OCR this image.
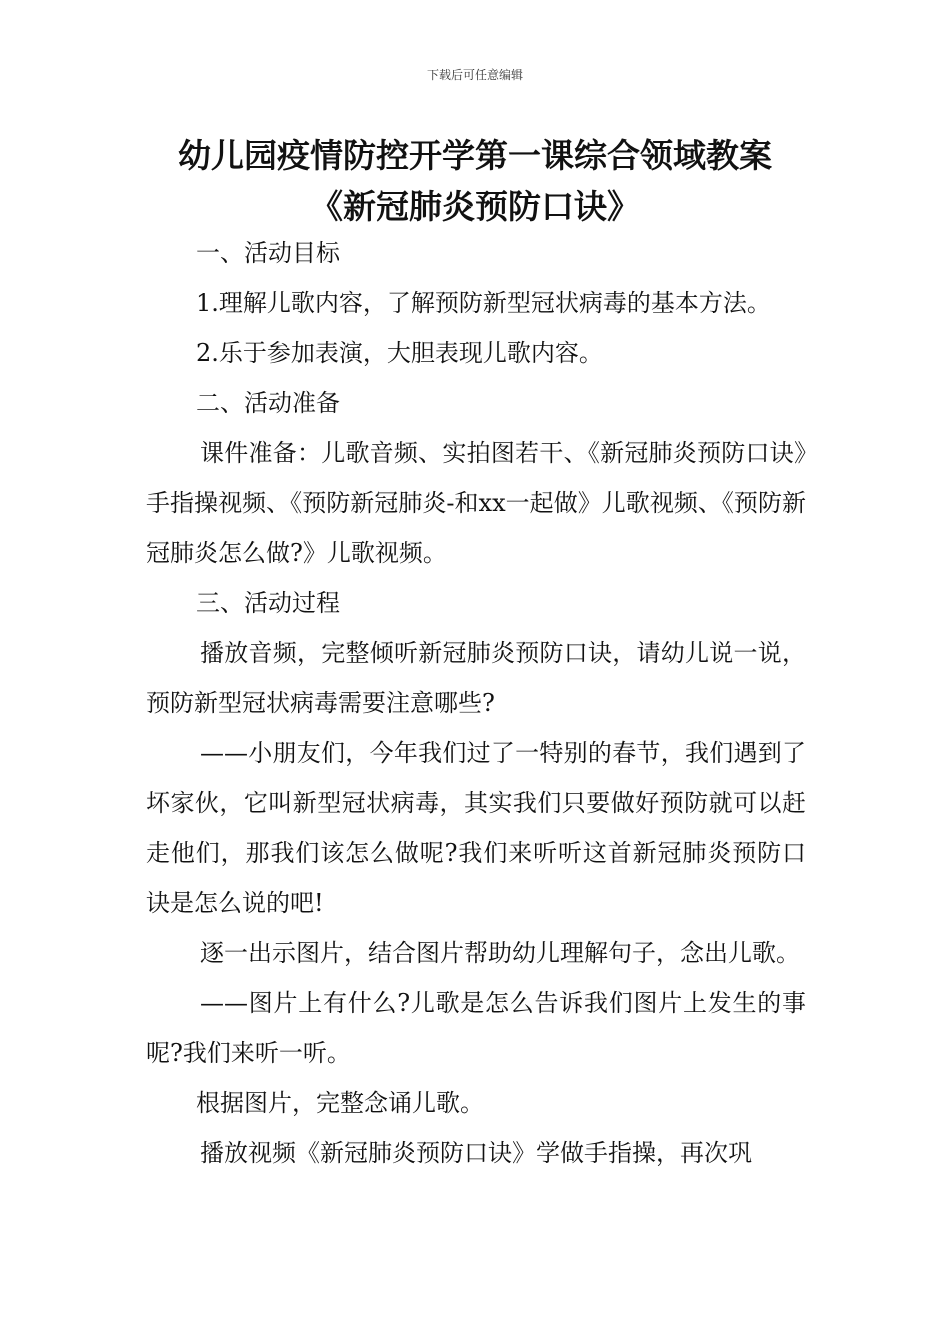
下载后可任意编辑
幼儿园疫情防控开学第一课综合领域教案
《新冠肺炎预防口诀》

一、活动目标

1.理解儿歌内容，了解预防新型冠状病毒的基本方法。

2.乐于参加表演，大胆表现儿歌内容。

二、活动准备

课件准备：儿歌音频、实拍图若干、《新冠肺炎预防口诀》手指操视频、《预防新冠肺炎-和xx一起做》儿歌视频、《预防新冠肺炎怎么做?》儿歌视频。

三、活动过程

播放音频，完整倾听新冠肺炎预防口诀，请幼儿说一说，预防新型冠状病毒需要注意哪些?

——小朋友们，今年我们过了一特别的春节，我们遇到了坏家伙，它叫新型冠状病毒，其实我们只要做好预防就可以赶走他们，那我们该怎么做呢?我们来听听这首新冠肺炎预防口诀是怎么说的吧!

逐一出示图片，结合图片帮助幼儿理解句子，念出儿歌。

——图片上有什么?儿歌是怎么告诉我们图片上发生的事呢?我们来听一听。

根据图片，完整念诵儿歌。

播放视频《新冠肺炎预防口诀》学做手指操，再次巩
